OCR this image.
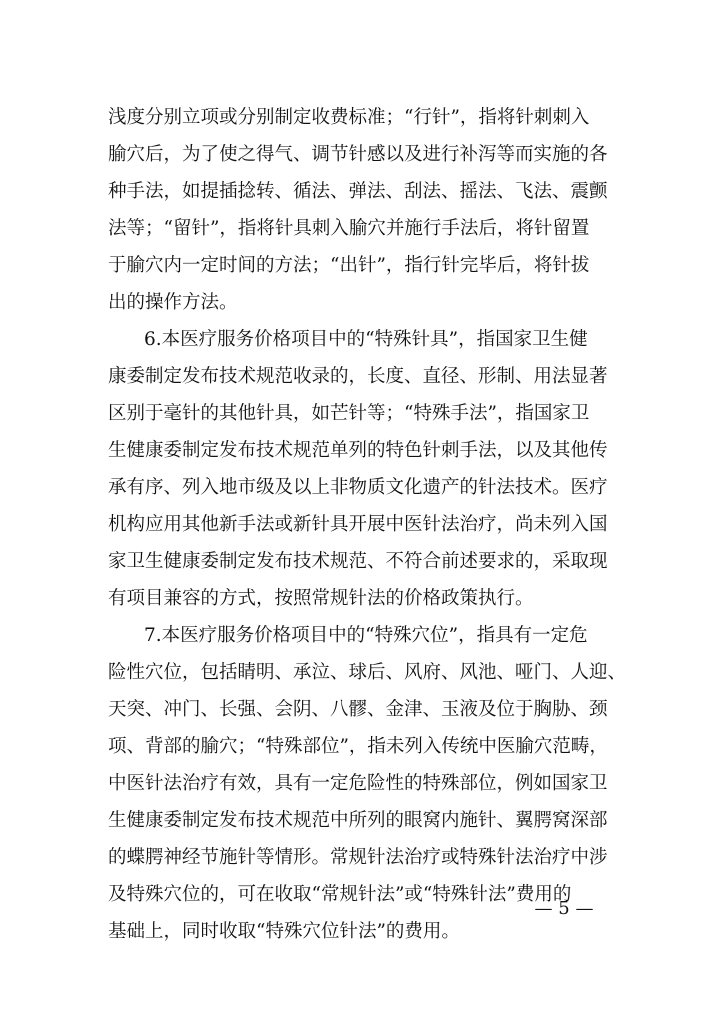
浅度分别立项或分别制定收费标准；“行针”，指将针刺刺入
腧穴后，为了使之得气、调节针感以及进行补泻等而实施的各
种手法，如提插捻转、循法、弹法、刮法、摇法、飞法、震颤
法等；“留针”，指将针具刺入腧穴并施行手法后，将针留置
于腧穴内一定时间的方法；“出针”，指行针完毕后，将针拔
出的操作方法。
6.本医疗服务价格项目中的“特殊针具”，指国家卫生健
康委制定发布技术规范收录的，长度、直径、形制、用法显著
区别于毫针的其他针具，如芒针等；“特殊手法”，指国家卫
生健康委制定发布技术规范单列的特色针刺手法，以及其他传
承有序、列入地市级及以上非物质文化遗产的针法技术。医疗
机构应用其他新手法或新针具开展中医针法治疗，尚未列入国
家卫生健康委制定发布技术规范、不符合前述要求的，采取现
有项目兼容的方式，按照常规针法的价格政策执行。
7.本医疗服务价格项目中的“特殊穴位”，指具有一定危
险性穴位，包括睛明、承泣、球后、风府、风池、哑门、人迎、
天突、冲门、长强、会阴、八髎、金津、玉液及位于胸胁、颈
项、背部的腧穴；“特殊部位”，指未列入传统中医腧穴范畴，
中医针法治疗有效，具有一定危险性的特殊部位，例如国家卫
生健康委制定发布技术规范中所列的眼窝内施针、翼腭窝深部
的蝶腭神经节施针等情形。常规针法治疗或特殊针法治疗中涉
及特殊穴位的，可在收取“常规针法”或“特殊针法”费用的
基础上，同时收取“特殊穴位针法”的费用。
— 5 —
